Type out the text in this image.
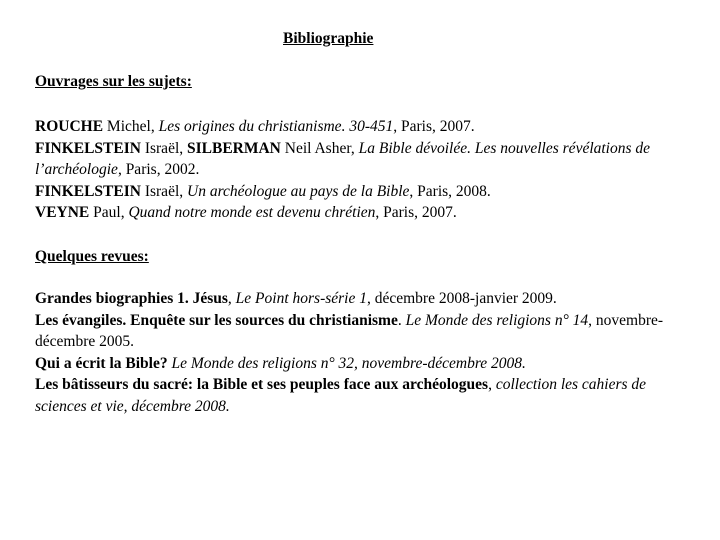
Bibliographie
Ouvrages sur les sujets:

ROUCHE Michel, Les origines du christianisme. 30-451, Paris, 2007.

FINKELSTEIN Israël, SILBERMAN Neil Asher, La Bible dévoilée. Les nouvelles révélations de l’archéologie, Paris, 2002.

FINKELSTEIN Israël, Un archéologue au pays de la Bible, Paris, 2008.

VEYNE Paul, Quand notre monde est devenu chrétien, Paris, 2007.

Quelques revues:

Grandes biographies 1. Jésus, Le Point hors-série 1, décembre 2008-janvier 2009.

Les évangiles. Enquête sur les sources du christianisme. Le Monde des religions n° 14, novembre-décembre 2005.

Qui a écrit la Bible? Le Monde des religions n° 32, novembre-décembre 2008.

Les bâtisseurs du sacré: la Bible et ses peuples face aux archéologues, collection les cahiers de sciences et vie, décembre 2008.
